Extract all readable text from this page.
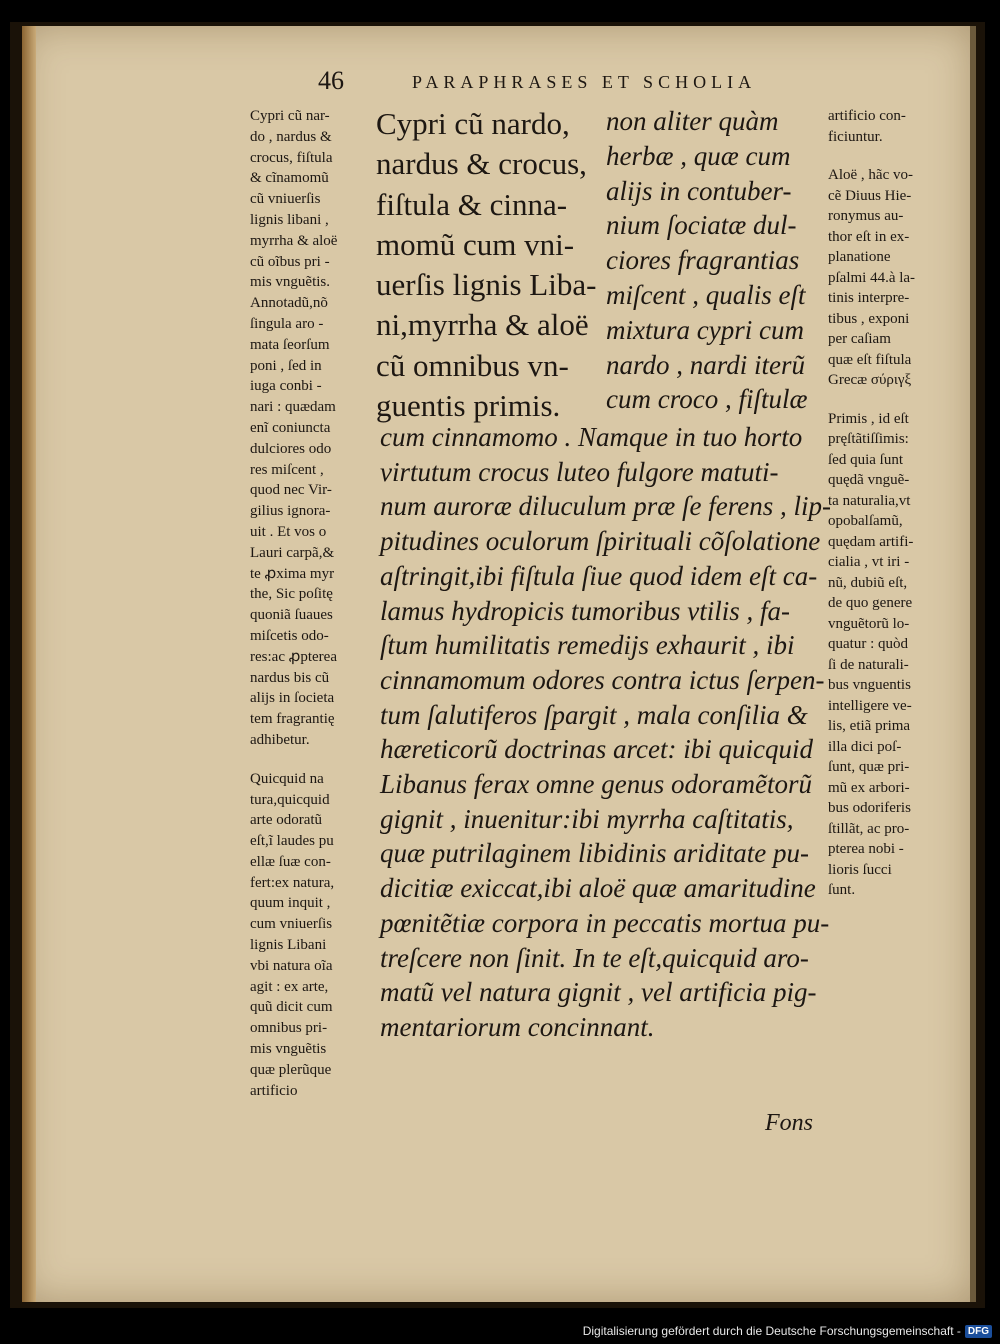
46	PARAPHRASES ET SCHOLIA
Cypri cũ nar-
do , nardus &
crocus, fiſtula
& cĩnamomũ
cũ vniuerſis
lignis libani ,
myrrha & aloë
cũ oĩbus pri -
mis vnguẽtis.
Annotadũ,nõ
ſingula aro -
mata ſeorſum
poni , ſed in
iuga conbi -
nari : quædam
enĩ coniuncta
dulciores odo
res miſcent ,
quod nec Vir-
gilius ignora-
uit . Et vos o
Lauri carpã,&
te ꝓxima myr
the, Sic poſitę
quoniã ſuaues
miſcetis odo-
res:ac ꝓpterea
nardus bis cũ
alijs in ſocieta
tem fragrantię
adhibetur.
Quicquid na
tura,quicquid
arte odoratũ
eſt,ĩ laudes pu
ellæ ſuæ con-
fert:ex natura,
quum inquit ,
cum vniuerſis
lignis Libani
vbi natura oĩa
agit : ex arte,
quũ dicit cum
omnibus pri-
mis vnguẽtis
quæ plerũque
artificio
Cypri cũ nardo,
nardus & crocus,
fiſtula & cinna-
momũ cum vni-
uerſis lignis Liba-
ni,myrrha & aloë
cũ omnibus vn-
guentis primis.
non aliter quàm
herbæ , quæ cum
alijs in contuber-
nium ſociatæ dul-
ciores fragrantias
miſcent , qualis eſt
mixtura cypri cum
nardo , nardi iterũ
cum croco , fiſtulæ
cum cinnamomo . Namque in tuo horto
virtutum crocus luteo fulgore matuti-
num auroræ diluculum præ ſe ferens , lip-
pitudines oculorum ſpirituali cõſolatione
aſtringit,ibi fiſtula ſiue quod idem eſt ca-
lamus hydropicis tumoribus vtilis , fa-
ſtum humilitatis remedijs exhaurit , ibi
cinnamomum odores contra ictus ſerpen-
tum ſalutiferos ſpargit , mala conſilia &
hæreticorũ doctrinas arcet: ibi quicquid
Libanus ferax omne genus odoramẽtorũ
gignit , inuenitur:ibi myrrha caſtitatis,
quæ putrilaginem libidinis ariditate pu-
dicitiæ exiccat,ibi aloë quæ amaritudine
pœnitẽtiæ corpora in peccatis mortua pu-
treſcere non ſinit. In te eſt,quicquid aro-
matũ vel natura gignit , vel artificia pig-
mentariorum concinnant.
artificio con-
ficiuntur.
Aloë , hãc vo-
cẽ Diuus Hie-
ronymus au-
thor eſt in ex-
planatione
pſalmi 44.à la-
tinis interpre-
tibus , exponi
per caſiam
quæ eſt fiſtula
Grecæ σύριγξ
Primis , id eſt
pręſtãtiſſimis:
ſed quia ſunt
quędã vnguẽ-
ta naturalia,vt
opobalſamũ,
quędam artifi-
cialia , vt iri -
nũ, dubiũ eſt,
de quo genere
vnguẽtorũ lo-
quatur : quòd
ſi de naturali-
bus vnguentis
intelligere ve-
lis, etiã prima
illa dici poſ-
ſunt, quæ pri-
mũ ex arbori-
bus odoriferis
ſtillãt, ac pro-
pterea nobi -
lioris ſucci
ſunt.
Fons
Digitalisierung gefördert durch die Deutsche Forschungsgemeinschaft - DFG
